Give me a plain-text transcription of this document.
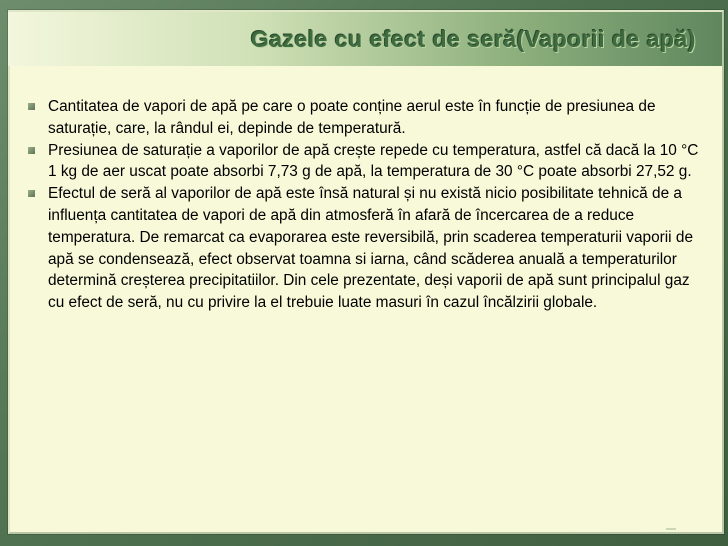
Gazele cu efect de seră(Vaporii de apă)
Cantitatea de vapori de apă pe care o poate conține aerul este în funcție de presiunea de saturație, care, la rândul ei, depinde de temperatură.
Presiunea de saturație a vaporilor de apă crește repede cu temperatura, astfel că dacă la 10 °C 1 kg de aer uscat poate absorbi 7,73 g de apă, la temperatura de 30 °C poate absorbi 27,52 g.
Efectul de seră al vaporilor de apă este însă natural și nu există nicio posibilitate tehnică de a influența cantitatea de vapori de apă din atmosferă în afară de încercarea de a reduce temperatura. De remarcat ca evaporarea este reversibilă, prin scaderea temperaturii vaporii de apă se condensează, efect observat toamna si iarna, când scăderea anuală a temperaturilor determină creșterea precipitatiilor. Din cele prezentate, deși vaporii de apă sunt principalul gaz cu efect de seră, nu cu privire la el trebuie luate masuri în cazul încălzirii globale.
